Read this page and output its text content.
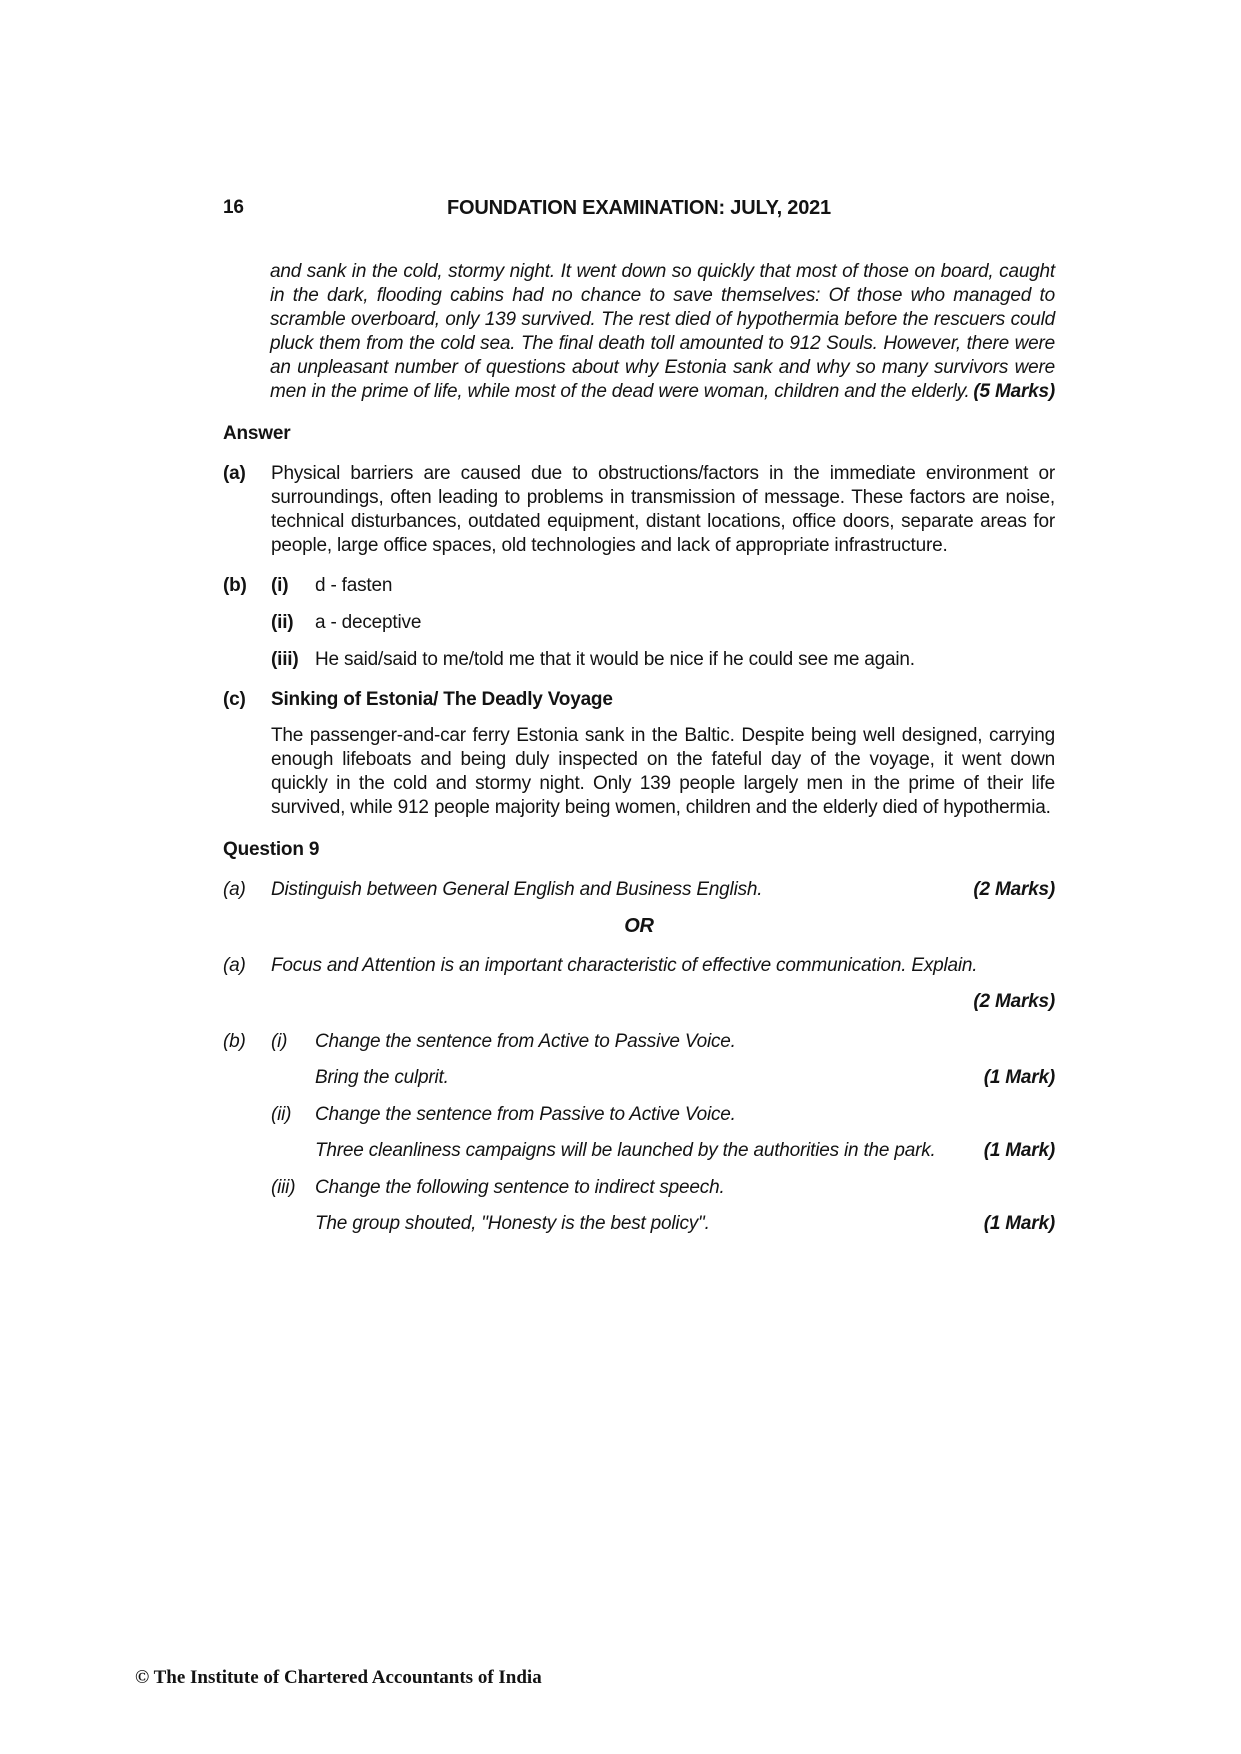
16	FOUNDATION EXAMINATION: JULY, 2021

and sank in the cold, stormy night. It went down so quickly that most of those on board, caught in the dark, flooding cabins had no chance to save themselves: Of those who managed to scramble overboard, only 139 survived. The rest died of hypothermia before the rescuers could pluck them from the cold sea. The final death toll amounted to 912 Souls. However, there were an unpleasant number of questions about why Estonia sank and why so many survivors were men in the prime of life, while most of the dead were woman, children and the elderly. (5 Marks)

Answer
(a)	Physical barriers are caused due to obstructions/factors in the immediate environment or surroundings, often leading to problems in transmission of message. These factors are noise, technical disturbances, outdated equipment, distant locations, office doors, separate areas for people, large office spaces, old technologies and lack of appropriate infrastructure.

(b)	(i)	d - fasten

(ii)	a - deceptive

(iii) He said/said to me/told me that it would be nice if he could see me again.

(c)	Sinking of Estonia/ The Deadly Voyage

The passenger-and-car ferry Estonia sank in the Baltic. Despite being well designed, carrying enough lifeboats and being duly inspected on the fateful day of the voyage, it went down quickly in the cold and stormy night. Only 139 people largely men in the prime of their life survived, while 912 people majority being women, children and the elderly died of hypothermia.

Question 9
(a)	Distinguish between General English and Business English.	(2 Marks)
OR
(a)	Focus and Attention is an important characteristic of effective communication. Explain.

(2 Marks)
(b)	(i)	Change the sentence from Active to Passive Voice.

Bring the culprit.	(1 Mark)
(ii)	Change the sentence from Passive to Active Voice.

Three cleanliness campaigns will be launched by the authorities in the park.	(1 Mark)
(iii)	Change the following sentence to indirect speech.

The group shouted, "Honesty is the best policy".	(1 Mark)
© The Institute of Chartered Accountants of India
